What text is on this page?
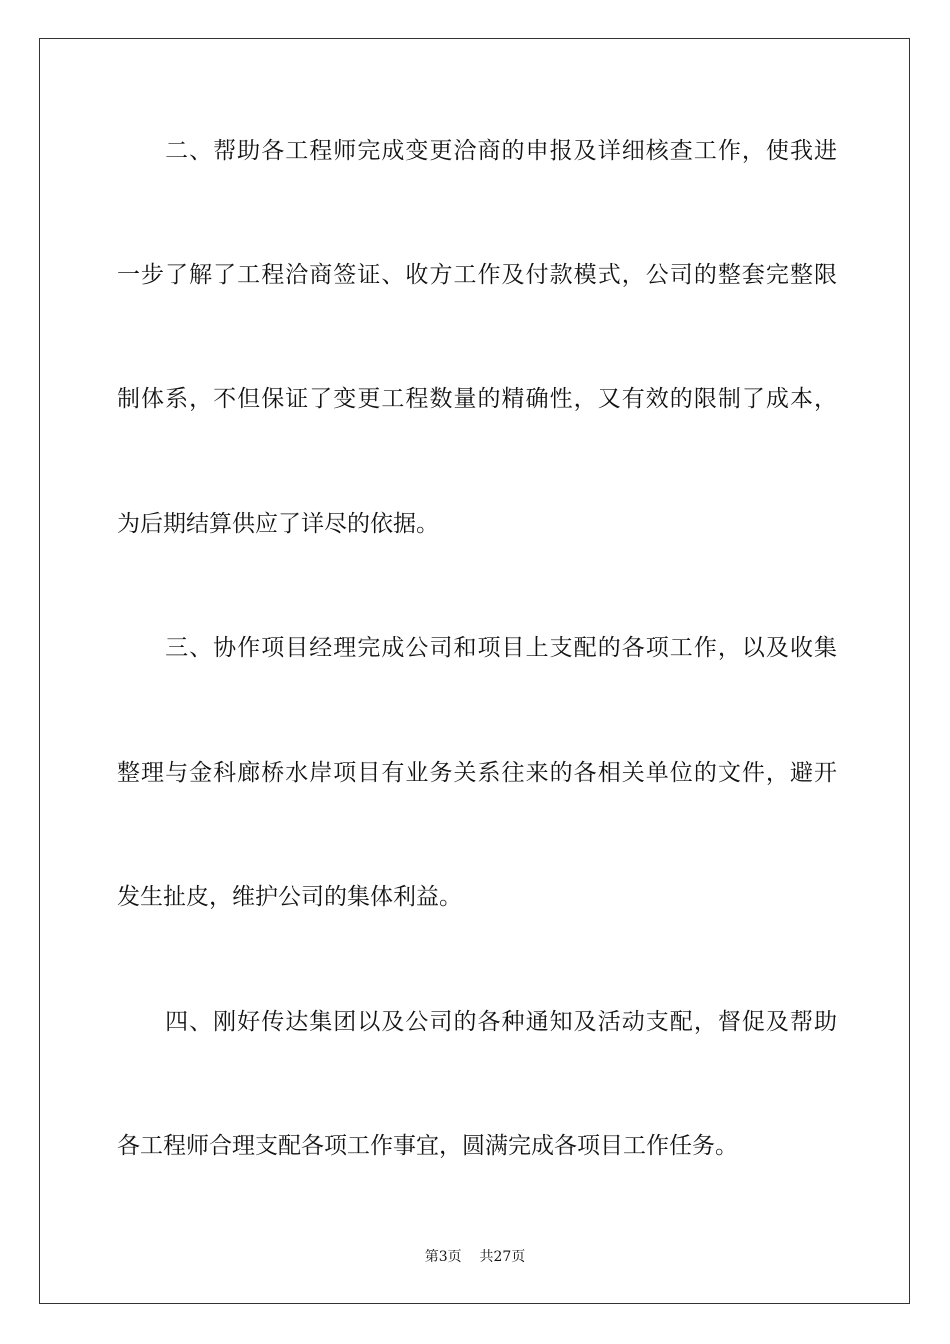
　　二、帮助各工程师完成变更洽商的申报及详细核查工作，使我进
一步了解了工程洽商签证、收方工作及付款模式，公司的整套完整限
制体系，不但保证了变更工程数量的精确性，又有效的限制了成本，
为后期结算供应了详尽的依据。
　　三、协作项目经理完成公司和项目上支配的各项工作，以及收集
整理与金科廊桥水岸项目有业务关系往来的各相关单位的文件，避开
发生扯皮，维护公司的集体利益。
　　四、刚好传达集团以及公司的各种通知及活动支配，督促及帮助
各工程师合理支配各项工作事宜，圆满完成各项目工作任务。
第3页 共27页
